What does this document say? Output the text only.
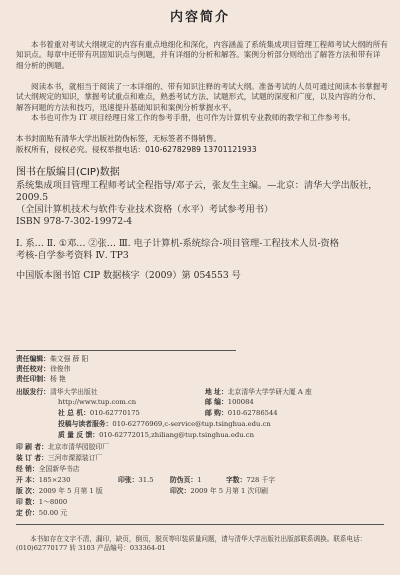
内容简介
本书着重对考试大纲规定的内容有重点地细化和深化，内容涵盖了系统集成项目管理工程师考试大纲的所有知识点。每章中还带有巩固知识点与例题，并有详细的分析和解答。案例分析部分则给出了解答方法和带有详细分析的例题。
阅读本书，就相当于阅读了一本详细的、带有知识注释的考试大纲。准备考试的人员可通过阅读本书掌握考试大纲规定的知识，掌握考试重点和难点，熟悉考试方法、试题形式，试题的深度和广度，以及内容的分布、解答问题的方法和技巧，迅速提升基础知识和案例分析掌握水平。
本书也可作为 IT 项目经理日常工作的参考手册，也可作为计算机专业教师的教学和工作参考书。
本书封面贴有清华大学出版社防伪标签，无标签者不得销售。
版权所有，侵权必究。侵权举报电话：010-62782989 13701121933
图书在版编目(CIP)数据
系统集成项目管理工程师考试全程指导/邓子云，张友生主编。—北京：清华大学出版社，
2009.5
（全国计算机技术与软件专业技术资格（水平）考试参考用书）
ISBN 978-7-302-19972-4
Ⅰ. 系… Ⅱ. ①邓… ②张… Ⅲ. 电子计算机-系统综合-项目管理-工程技术人员-资格
考核-自学参考资料 Ⅳ. TP3
中国版本图书馆 CIP 数据核字（2009）第 054553 号
责任编辑：柴文强 薛 阳
责任校对：徐俊伟
责任印制：杨 艳
出版发行：清华大学出版社	地 址：北京清华大学学研大厦 A 座
http://www.tup.com.cn	邮 编：100084
社 总 机：010-62770175	邮 购：010-62786544
投稿与读者服务：010-62776969,c-service@tup.tsinghua.edu.cn
质 量 反 馈：010-62772015,zhiliang@tup.tsinghua.edu.cn
印 刷 者：北京市清华园胶印厂
装 订 者：三河市溧源装订厂
经 销：全国新华书店
开 本：185×230	印张：31.5 防伪页：1	字数：728 千字
版 次：2009 年 5 月第 1 版	印次：2009 年 5 月第 1 次印刷
印 数：1～8000
定 价：50.00 元
本书如存在文字不清，漏印，缺页，倒页，脱页等印装质量问题，请与清华大学出版社出版部联系调换。联系电话：(010)62770177 转 3103 产品编号：033364-01
